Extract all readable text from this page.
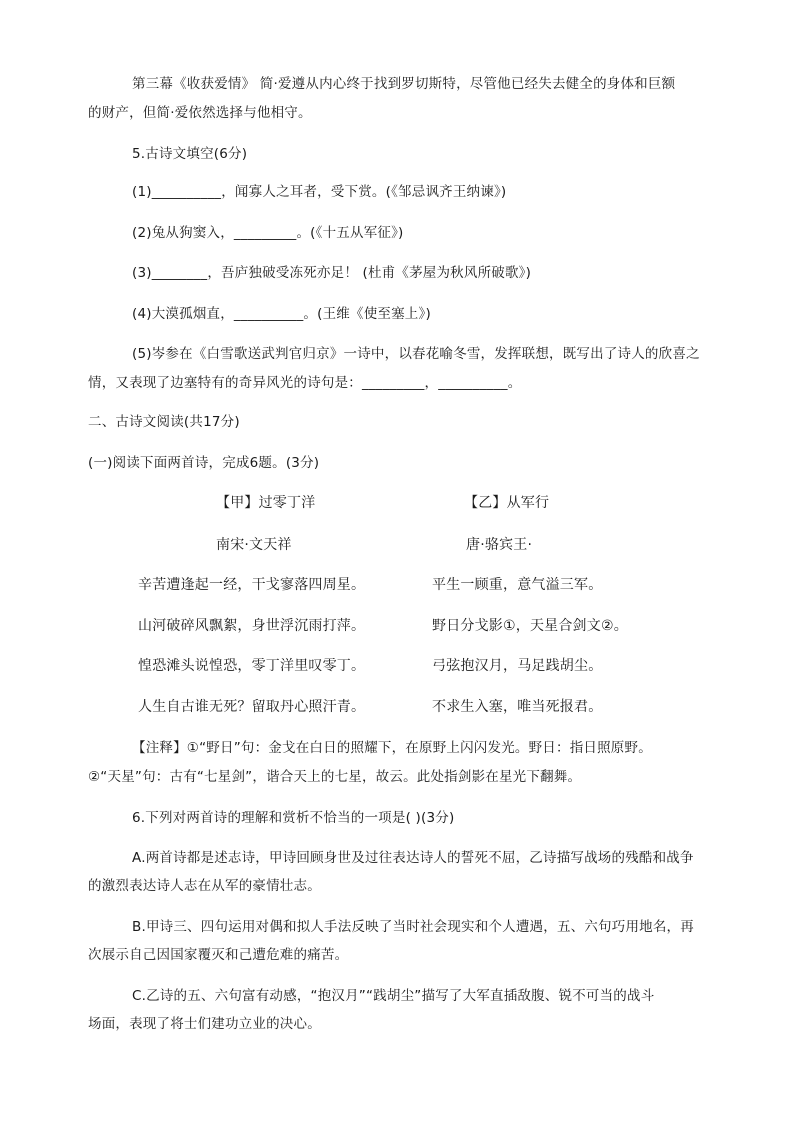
第三幕《收获爱情》 简·爱遵从内心终于找到罗切斯特，尽管他已经失去健全的身体和巨额
的财产，但简·爱依然选择与他相守。
5.古诗文填空(6分)
(1)__________，闻寡人之耳者，受下赏。(《邹忌讽齐王纳谏》)
(2)兔从狗窦入，_________。(《十五从军征》)
(3)________，吾庐独破受冻死亦足！ (杜甫《茅屋为秋风所破歌》)
(4)大漠孤烟直，__________。(王维《使至塞上》)
(5)岑参在《白雪歌送武判官归京》一诗中，以春花喻冬雪，发挥联想，既写出了诗人的欣喜之
情，又表现了边塞特有的奇异风光的诗句是：_________，__________。
二、古诗文阅读(共17分)
(一)阅读下面两首诗，完成6题。(3分)
【甲】过零丁洋	【乙】从军行
南宋·文天祥	唐·骆宾王·
辛苦遭逢起一经，干戈寥落四周星。	平生一顾重，意气溢三军。
山河破碎风飘絮，身世浮沉雨打萍。	野日分戈影①，天星合剑文②。
惶恐滩头说惶恐，零丁洋里叹零丁。	弓弦抱汉月，马足践胡尘。
人生自古谁无死？留取丹心照汗青。	不求生入塞，唯当死报君。
【注释】①“野日”句：金戈在白日的照耀下，在原野上闪闪发光。野日：指日照原野。
②“天星”句：古有“七星剑”，谐合天上的七星，故云。此处指剑影在星光下翻舞。
6.下列对两首诗的理解和赏析不恰当的一项是( )(3分)
A.两首诗都是述志诗，甲诗回顾身世及过往表达诗人的誓死不屈，乙诗描写战场的残酷和战争
的激烈表达诗人志在从军的豪情壮志。
B.甲诗三、四句运用对偶和拟人手法反映了当时社会现实和个人遭遇，五、六句巧用地名，再
次展示自己因国家覆灭和己遭危难的痛苦。
C.乙诗的五、六句富有动感，“抱汉月”“践胡尘”描写了大军直插敌腹、锐不可当的战斗
场面，表现了将士们建功立业的决心。
